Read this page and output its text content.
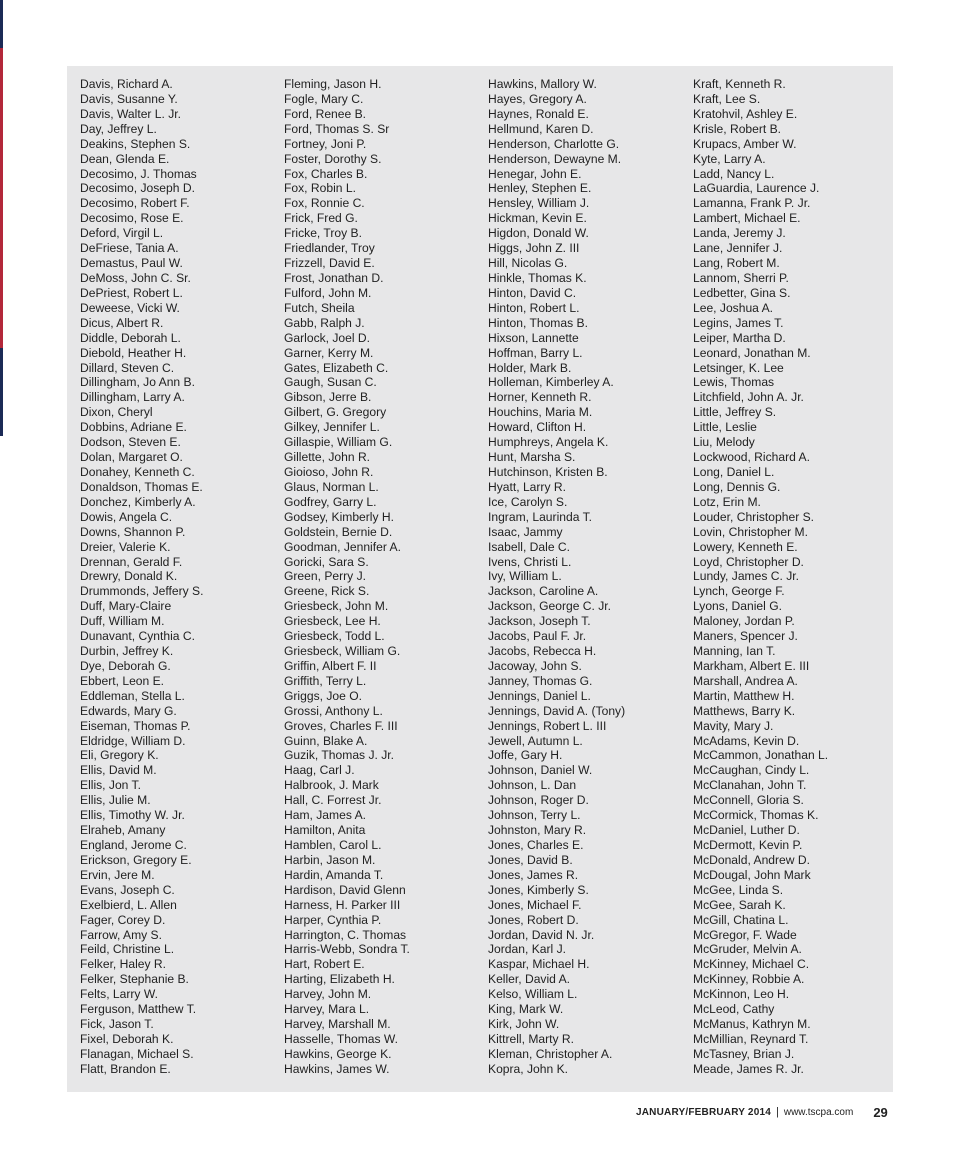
Davis, Richard A.
Davis, Susanne Y.
Davis, Walter L. Jr.
Day, Jeffrey L.
Deakins, Stephen S.
Dean, Glenda E.
Decosimo, J. Thomas
Decosimo, Joseph D.
Decosimo, Robert F.
Decosimo, Rose E.
Deford, Virgil L.
DeFriese, Tania A.
Demastus, Paul W.
DeMoss, John C. Sr.
DePriest, Robert L.
Deweese, Vicki W.
Dicus, Albert R.
Diddle, Deborah L.
Diebold, Heather H.
Dillard, Steven C.
Dillingham, Jo Ann B.
Dillingham, Larry A.
Dixon, Cheryl
Dobbins, Adriane E.
Dodson, Steven E.
Dolan, Margaret O.
Donahey, Kenneth C.
Donaldson, Thomas E.
Donchez, Kimberly A.
Dowis, Angela C.
Downs, Shannon P.
Dreier, Valerie K.
Drennan, Gerald F.
Drewry, Donald K.
Drummonds, Jeffery S.
Duff, Mary-Claire
Duff, William M.
Dunavant, Cynthia C.
Durbin, Jeffrey K.
Dye, Deborah G.
Ebbert, Leon E.
Eddleman, Stella L.
Edwards, Mary G.
Eiseman, Thomas P.
Eldridge, William D.
Eli, Gregory K.
Ellis, David M.
Ellis, Jon T.
Ellis, Julie M.
Ellis, Timothy W. Jr.
Elraheb, Amany
England, Jerome C.
Erickson, Gregory E.
Ervin, Jere M.
Evans, Joseph C.
Exelbierd, L. Allen
Fager, Corey D.
Farrow, Amy S.
Feild, Christine L.
Felker, Haley R.
Felker, Stephanie B.
Felts, Larry W.
Ferguson, Matthew T.
Fick, Jason T.
Fixel, Deborah K.
Flanagan, Michael S.
Flatt, Brandon E.
Fleming, Jason H.
Fogle, Mary C.
Ford, Renee B.
Ford, Thomas S. Sr
Fortney, Joni P.
Foster, Dorothy S.
Fox, Charles B.
Fox, Robin L.
Fox, Ronnie C.
Frick, Fred G.
Fricke, Troy B.
Friedlander, Troy
Frizzell, David E.
Frost, Jonathan D.
Fulford, John M.
Futch, Sheila
Gabb, Ralph J.
Garlock, Joel D.
Garner, Kerry M.
Gates, Elizabeth C.
Gaugh, Susan C.
Gibson, Jerre B.
Gilbert, G. Gregory
Gilkey, Jennifer L.
Gillaspie, William G.
Gillette, John R.
Gioioso, John R.
Glaus, Norman L.
Godfrey, Garry L.
Godsey, Kimberly H.
Goldstein, Bernie D.
Goodman, Jennifer A.
Goricki, Sara S.
Green, Perry J.
Greene, Rick S.
Griesbeck, John M.
Griesbeck, Lee H.
Griesbeck, Todd L.
Griesbeck, William G.
Griffin, Albert F. II
Griffith, Terry L.
Griggs, Joe O.
Grossi, Anthony L.
Groves, Charles F. III
Guinn, Blake A.
Guzik, Thomas J. Jr.
Haag, Carl J.
Halbrook, J. Mark
Hall, C. Forrest Jr.
Ham, James A.
Hamilton, Anita
Hamblen, Carol L.
Harbin, Jason M.
Hardin, Amanda T.
Hardison, David Glenn
Harness, H. Parker III
Harper, Cynthia P.
Harrington, C. Thomas
Harris-Webb, Sondra T.
Hart, Robert E.
Harting, Elizabeth H.
Harvey, John M.
Harvey, Mara L.
Harvey, Marshall M.
Hasselle, Thomas W.
Hawkins, George K.
Hawkins, James W.
Hawkins, Mallory W.
Hayes, Gregory A.
Haynes, Ronald E.
Hellmund, Karen D.
Henderson, Charlotte G.
Henderson, Dewayne M.
Henegar, John E.
Henley, Stephen E.
Hensley, William J.
Hickman, Kevin E.
Higdon, Donald W.
Higgs, John Z. III
Hill, Nicolas G.
Hinkle, Thomas K.
Hinton, David C.
Hinton, Robert L.
Hinton, Thomas B.
Hixson, Lannette
Hoffman, Barry L.
Holder, Mark B.
Holleman, Kimberley A.
Horner, Kenneth R.
Houchins, Maria M.
Howard, Clifton H.
Humphreys, Angela K.
Hunt, Marsha S.
Hutchinson, Kristen B.
Hyatt, Larry R.
Ice, Carolyn S.
Ingram, Laurinda T.
Isaac, Jammy
Isabell, Dale C.
Ivens, Christi L.
Ivy, William L.
Jackson, Caroline A.
Jackson, George C. Jr.
Jackson, Joseph T.
Jacobs, Paul F. Jr.
Jacobs, Rebecca H.
Jacoway, John S.
Janney, Thomas G.
Jennings, Daniel L.
Jennings, David A. (Tony)
Jennings, Robert L. III
Jewell, Autumn L.
Joffe, Gary H.
Johnson, Daniel W.
Johnson, L. Dan
Johnson, Roger D.
Johnson, Terry L.
Johnston, Mary R.
Jones, Charles E.
Jones, David B.
Jones, James R.
Jones, Kimberly S.
Jones, Michael F.
Jones, Robert D.
Jordan, David N. Jr.
Jordan, Karl J.
Kaspar, Michael H.
Keller, David A.
Kelso, William L.
King, Mark W.
Kirk, John W.
Kittrell, Marty R.
Kleman, Christopher A.
Kopra, John K.
Kraft, Kenneth R.
Kraft, Lee S.
Kratohvil, Ashley E.
Krisle, Robert B.
Krupacs, Amber W.
Kyte, Larry A.
Ladd, Nancy L.
LaGuardia, Laurence J.
Lamanna, Frank P. Jr.
Lambert, Michael E.
Landa, Jeremy J.
Lane, Jennifer J.
Lang, Robert M.
Lannom, Sherri P.
Ledbetter, Gina S.
Lee, Joshua A.
Legins, James T.
Leiper, Martha D.
Leonard, Jonathan M.
Letsinger, K. Lee
Lewis, Thomas
Litchfield, John A. Jr.
Little, Jeffrey S.
Little, Leslie
Liu, Melody
Lockwood, Richard A.
Long, Daniel L.
Long, Dennis G.
Lotz, Erin M.
Louder, Christopher S.
Lovin, Christopher M.
Lowery, Kenneth E.
Loyd, Christopher D.
Lundy, James C. Jr.
Lynch, George F.
Lyons, Daniel G.
Maloney, Jordan P.
Maners, Spencer J.
Manning, Ian T.
Markham, Albert E. III
Marshall, Andrea A.
Martin, Matthew H.
Matthews, Barry K.
Mavity, Mary J.
McAdams, Kevin D.
McCammon, Jonathan L.
McCaughan, Cindy L.
McClanahan, John T.
McConnell, Gloria S.
McCormick, Thomas K.
McDaniel, Luther D.
McDermott, Kevin P.
McDonald, Andrew D.
McDougal, John Mark
McGee, Linda S.
McGee, Sarah K.
McGill, Chatina L.
McGregor, F. Wade
McGruder, Melvin A.
McKinney, Michael C.
McKinney, Robbie A.
McKinnon, Leo H.
McLeod, Cathy
McManus, Kathryn M.
McMillian, Reynard T.
McTasney, Brian J.
Meade, James R. Jr.
JANUARY/FEBRUARY 2014 | www.tscpa.com 29
